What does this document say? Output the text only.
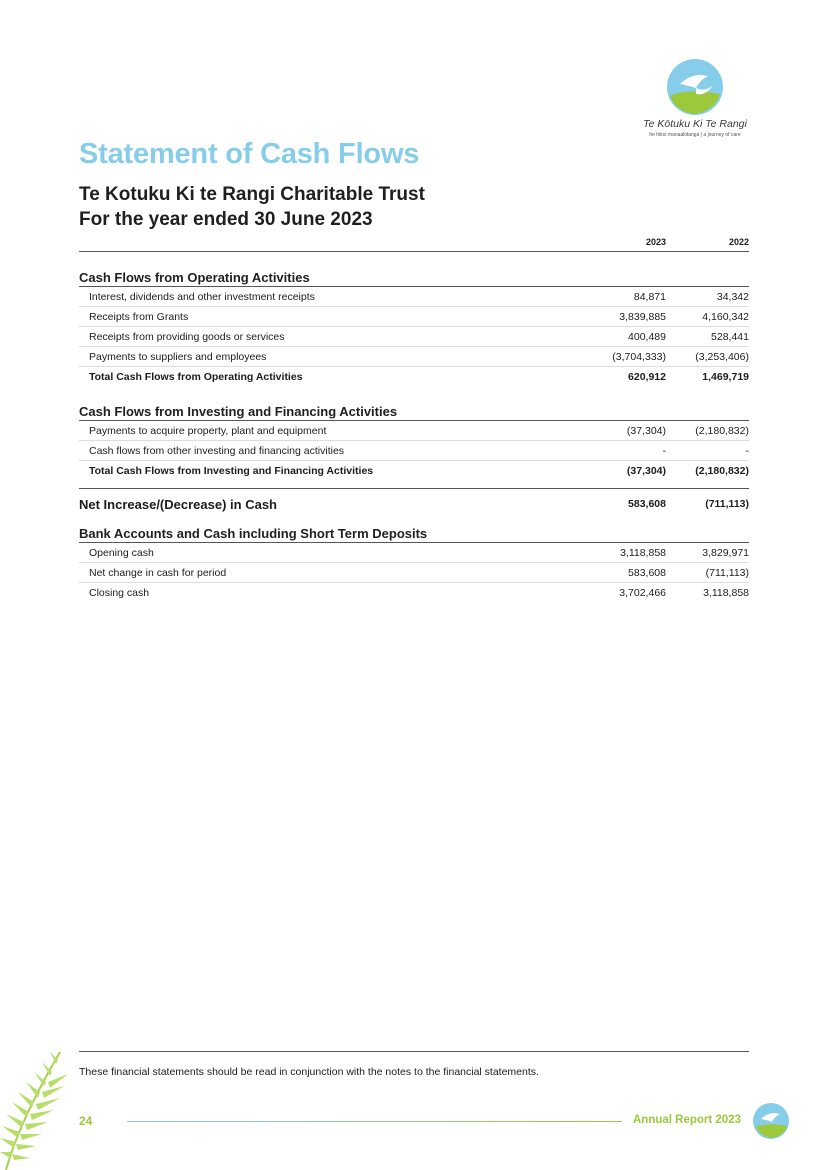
Te Kōtuku Ki Te Rangi
he hikoi manaakitanga | a journey of care
Statement of Cash Flows
Te Kotuku Ki te Rangi Charitable Trust
For the year ended 30 June 2023
2023	2022
Cash Flows from Operating Activities
Interest, dividends and other investment receipts	84,871	34,342
Receipts from Grants	3,839,885	4,160,342
Receipts from providing goods or services	400,489	528,441
Payments to suppliers and employees	(3,704,333)	(3,253,406)
Total Cash Flows from Operating Activities	620,912	1,469,719
Cash Flows from Investing and Financing Activities
Payments to acquire property, plant and equipment	(37,304)	(2,180,832)
Cash flows from other investing and financing activities	-	-
Total Cash Flows from Investing and Financing Activities	(37,304)	(2,180,832)
Net Increase/(Decrease) in Cash	583,608	(711,113)
Bank Accounts and Cash including Short Term Deposits
Opening cash	3,118,858	3,829,971
Net change in cash for period	583,608	(711,113)
Closing cash	3,702,466	3,118,858
These financial statements should be read in conjunction with the notes to the financial statements.
24	Annual Report 2023
